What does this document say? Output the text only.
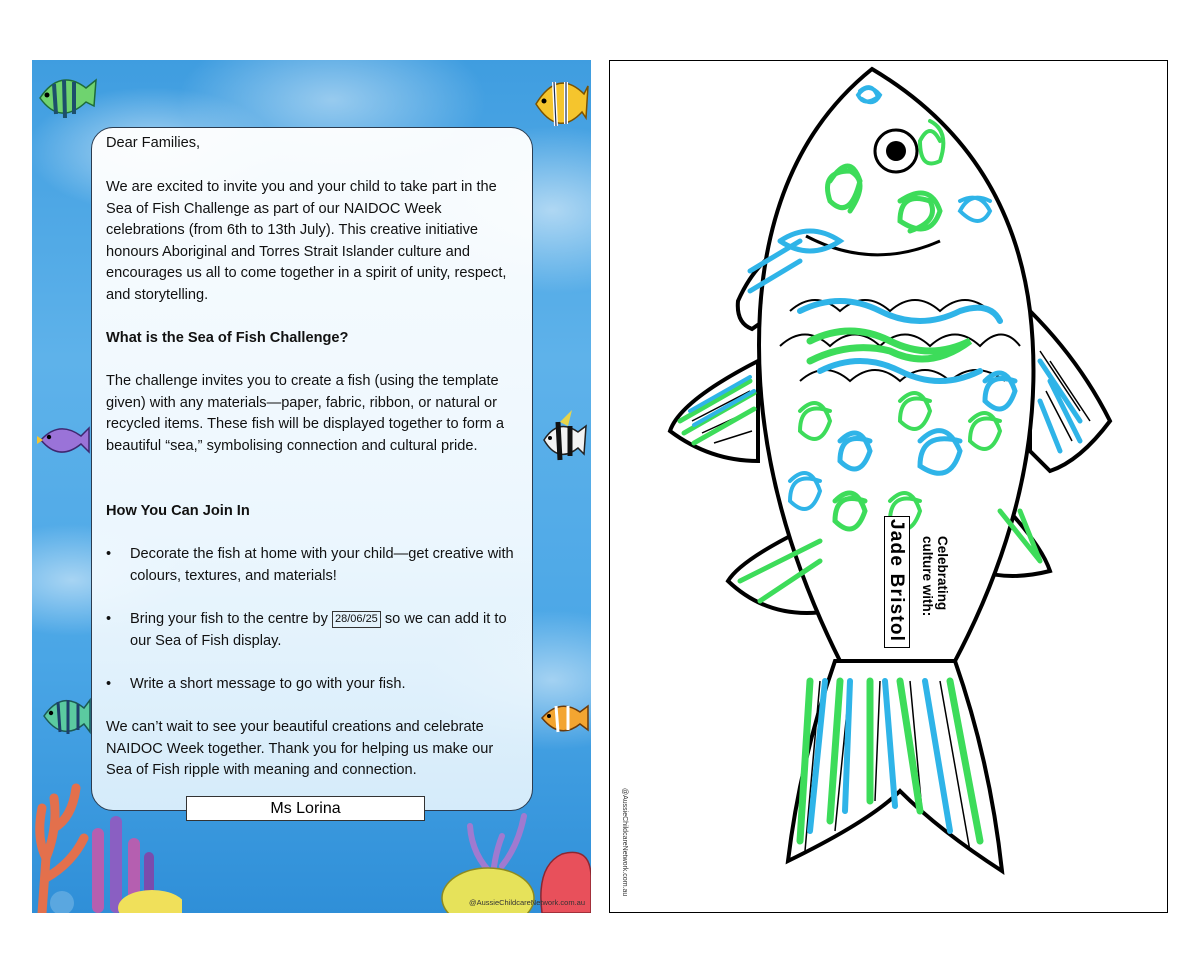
Dear Families,

We are excited to invite you and your child to take part in the Sea of Fish Challenge as part of our NAIDOC Week celebrations (from 6th to 13th July). This creative initiative honours Aboriginal and Torres Strait Islander culture and encourages us all to come together in a spirit of unity, respect, and storytelling.

What is the Sea of Fish Challenge?

The challenge invites you to create a fish (using the template given) with any materials—paper, fabric, ribbon, or natural or recycled items. These fish will be displayed together to form a beautiful “sea,” symbolising connection and cultural pride.

How You Can Join In

•	Decorate the fish at home with your child—get creative with colours, textures, and materials!

•	Bring your fish to the centre by 28/06/25 so we can add it to our Sea of Fish display.

•	Write a short message to go with your fish.

We can’t wait to see your beautiful creations and celebrate NAIDOC Week together. Thank you for helping us make our Sea of Fish ripple with meaning and connection.

Ms Lorina
@AussieChildcareNetwork.com.au
Jade Bristol Celebrating
culture with:
@AussieChildcareNetwork.com.au
